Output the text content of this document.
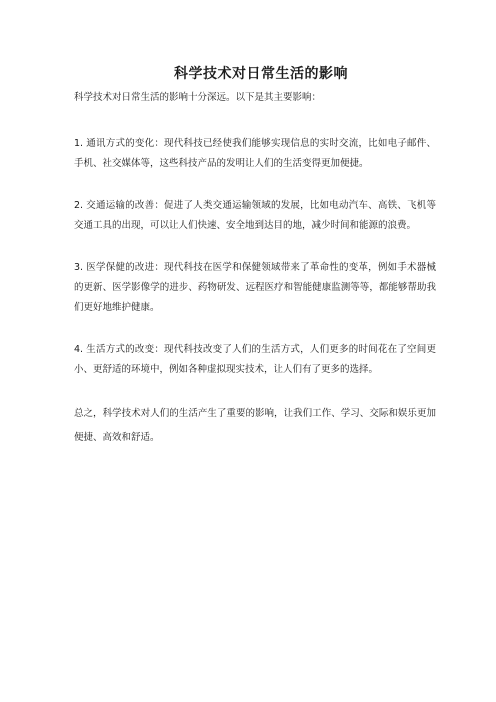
科学技术对日常生活的影响

科学技术对日常生活的影响十分深远。以下是其主要影响：

1. 通讯方式的变化：现代科技已经使我们能够实现信息的实时交流，比如电子邮件、手机、社交媒体等，这些科技产品的发明让人们的生活变得更加便捷。

2. 交通运输的改善：促进了人类交通运输领域的发展，比如电动汽车、高铁、飞机等交通工具的出现，可以让人们快速、安全地到达目的地，减少时间和能源的浪费。

3. 医学保健的改进：现代科技在医学和保健领域带来了革命性的变革，例如手术器械的更新、医学影像学的进步、药物研发、远程医疗和智能健康监测等等，都能够帮助我们更好地维护健康。

4. 生活方式的改变：现代科技改变了人们的生活方式，人们更多的时间花在了空间更小、更舒适的环境中，例如各种虚拟现实技术，让人们有了更多的选择。

总之，科学技术对人们的生活产生了重要的影响，让我们工作、学习、交际和娱乐更加便捷、高效和舒适。
